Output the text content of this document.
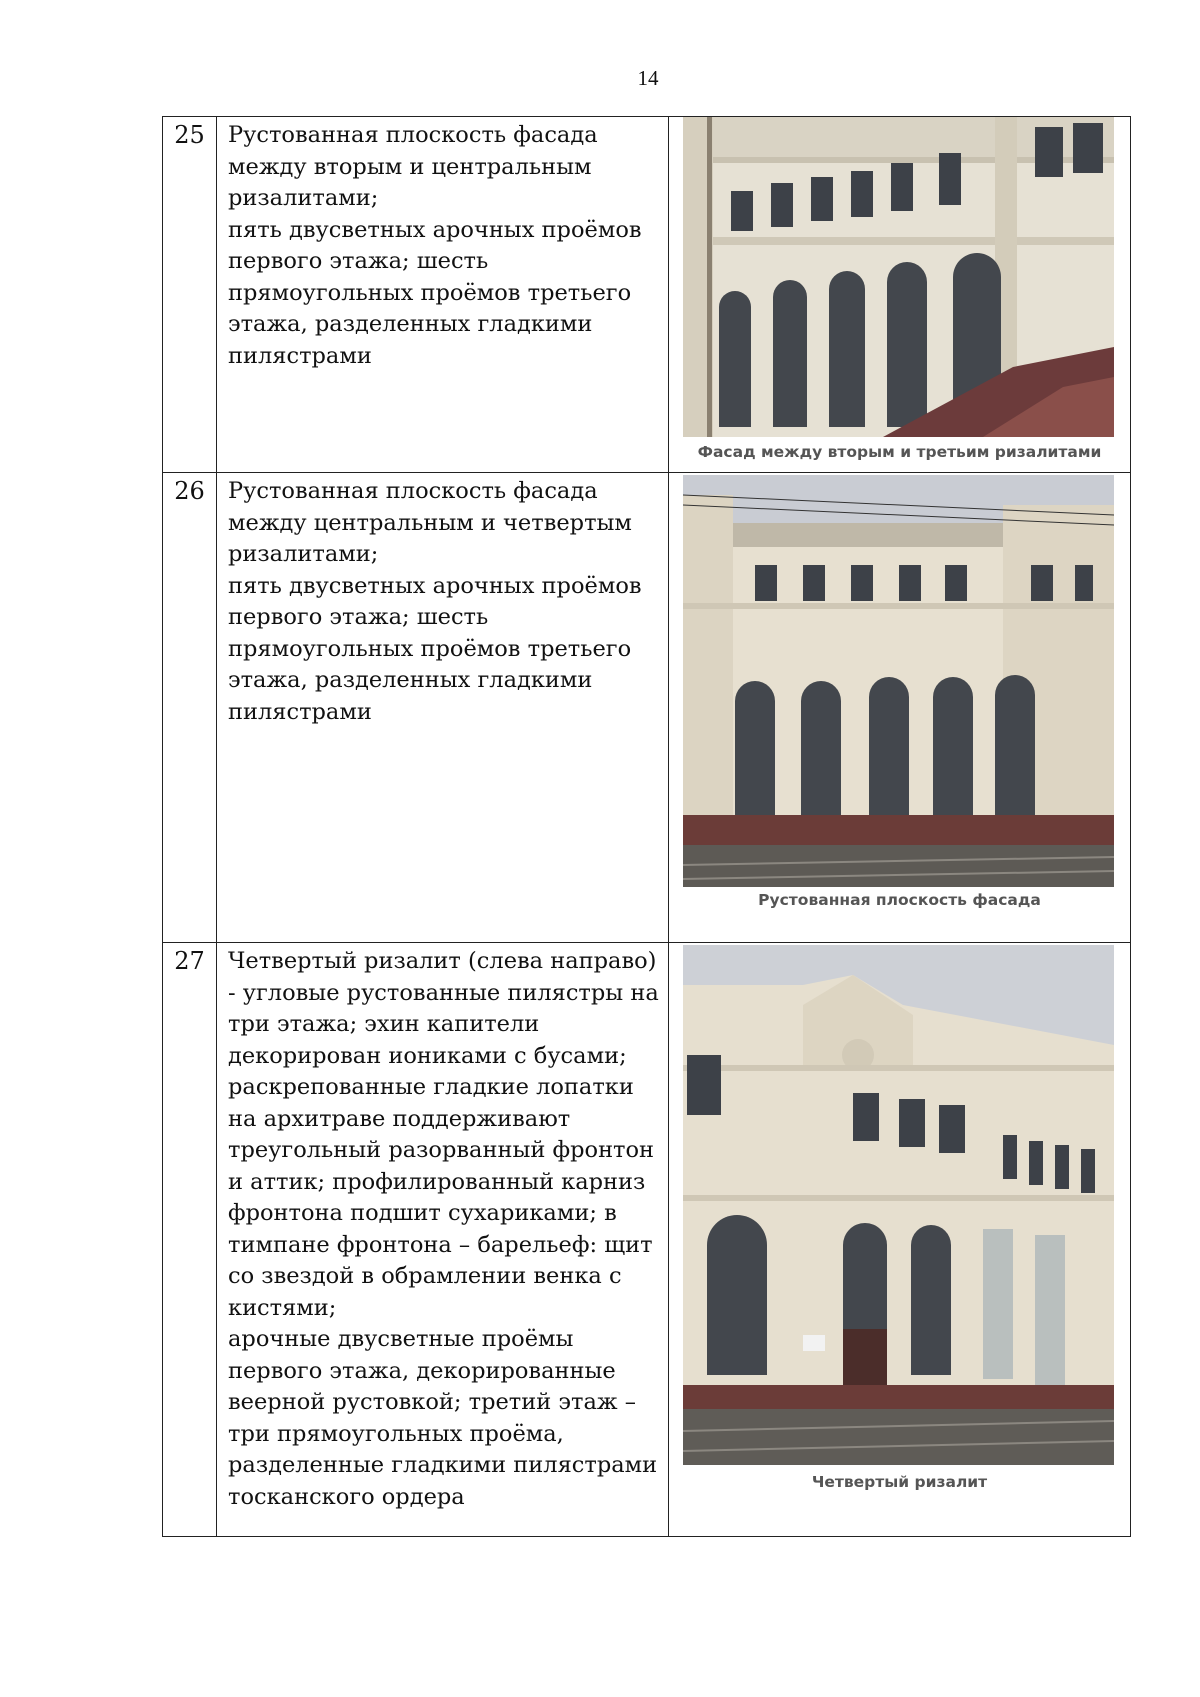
14
25	Рустованная плоскость фасада между вторым и центральным ризалитами;
пять двусветных арочных проёмов первого этажа; шесть прямоугольных проёмов третьего этажа, разделенных гладкими пилястрами	Фасад между вторым и третьим ризалитами

26	Рустованная плоскость фасада между центральным и четвертым ризалитами;
пять двусветных арочных проёмов первого этажа; шесть прямоугольных проёмов третьего этажа, разделенных гладкими пилястрами	Рустованная плоскость фасада

27	Четвертый ризалит (слева направо) - угловые рустованные пилястры на три этажа; эхин капители декорирован иониками с бусами; раскрепованные гладкие лопатки на архитраве поддерживают треугольный разорванный фронтон и аттик; профилированный карниз фронтона подшит сухариками; в тимпане фронтона – барельеф: щит со звездой в обрамлении венка с кистями;
арочные двусветные проёмы первого этажа, декорированные веерной рустовкой; третий этаж – три прямоугольных проёма, разделенные гладкими пилястрами тосканского ордера	Четвертый ризалит
